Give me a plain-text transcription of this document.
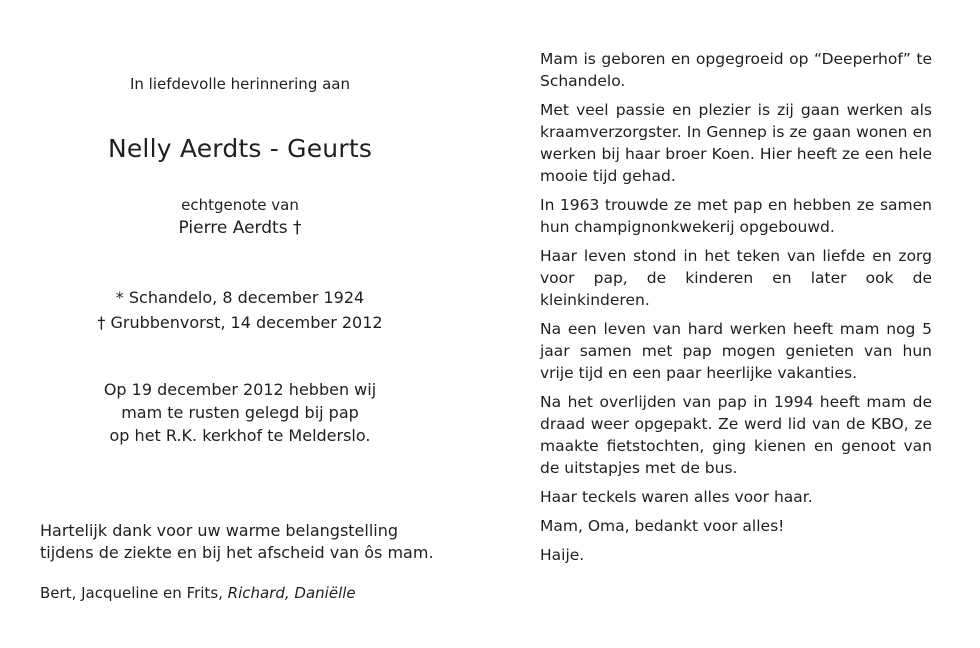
In liefdevolle herinnering aan
Nelly Aerdts - Geurts
echtgenote van
Pierre Aerdts †
* Schandelo, 8 december 1924
† Grubbenvorst, 14 december 2012
Op 19 december 2012 hebben wij
mam te rusten gelegd bij pap
op het R.K. kerkhof te Melderslo.
Hartelijk dank voor uw warme belangstelling
tijdens de ziekte en bij het afscheid van ôs mam.
Bert, Jacqueline en Frits, Richard, Daniëlle

Mam is geboren en opgegroeid op “Deeperhof” te Schandelo.

Met veel passie en plezier is zij gaan werken als kraamverzorgster. In Gennep is ze gaan wonen en werken bij haar broer Koen. Hier heeft ze een hele mooie tijd gehad.

In 1963 trouwde ze met pap en hebben ze samen hun champignonkwekerij opgebouwd.

Haar leven stond in het teken van liefde en zorg voor pap, de kinderen en later ook de kleinkinderen.

Na een leven van hard werken heeft mam nog 5 jaar samen met pap mogen genieten van hun vrije tijd en een paar heerlijke vakanties.

Na het overlijden van pap in 1994 heeft mam de draad weer opgepakt. Ze werd lid van de KBO, ze maakte fietstochten, ging kienen en genoot van de uitstapjes met de bus.

Haar teckels waren alles voor haar.

Mam, Oma, bedankt voor alles!

Haije.
